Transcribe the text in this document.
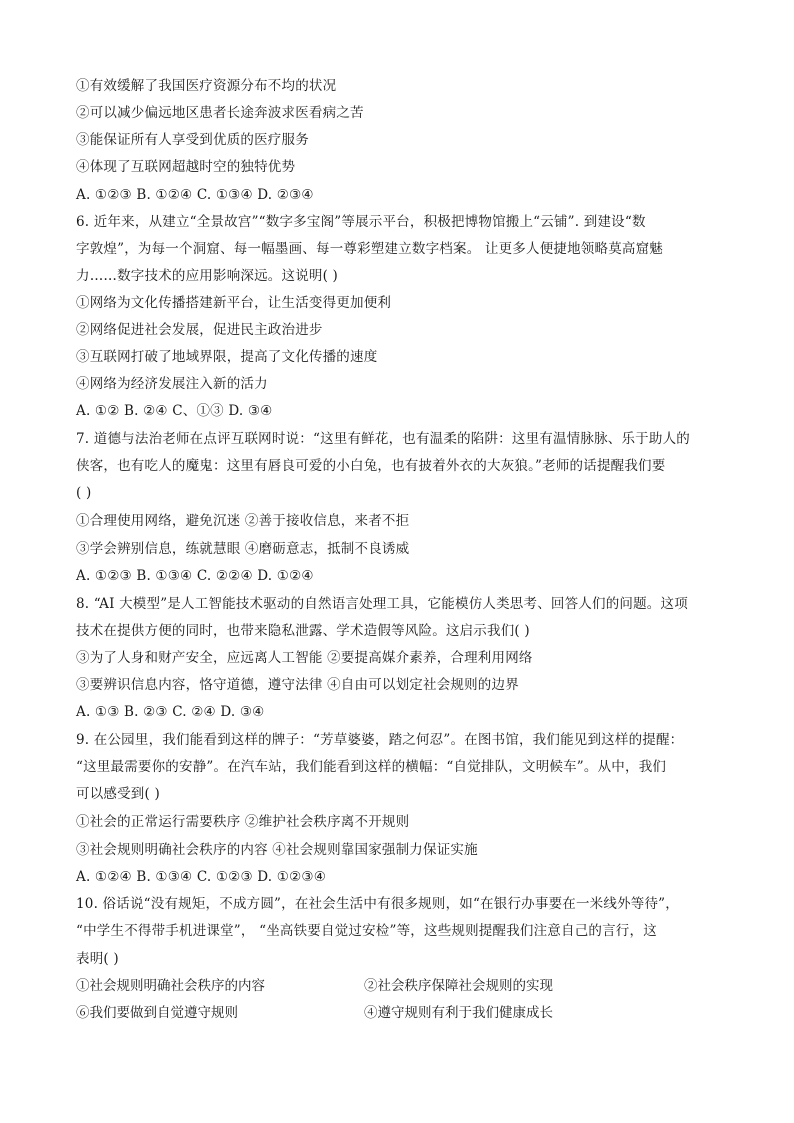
①有效缓解了我国医疗资源分布不均的状况
②可以减少偏远地区患者长途奔波求医看病之苦
③能保证所有人享受到优质的医疗服务
④体现了互联网超越时空的独特优势
A. ①②③ B. ①②④ C. ①③④ D. ②③④
6. 近年来，从建立“全景故宫”“数字多宝阁”等展示平台，积极把博物馆搬上“云铺”. 到建设“数
字敦煌”，为每一个洞窟、每一幅墨画、每一尊彩塑建立数字档案。 让更多人便捷地领略莫高窟魅
力……数字技术的应用影响深远。这说明( )
①网络为文化传播搭建新平台，让生活变得更加便利
②网络促进社会发展，促进民主政治进步
③互联网打破了地域界限，提高了文化传播的速度
④网络为经济发展注入新的活力
A. ①② B. ②④ C、①③ D. ③④
7. 道德与法治老师在点评互联网时说：“这里有鲜花，也有温柔的陷阱：这里有温情脉脉、乐于助人的
侠客，也有吃人的魔鬼：这里有唇良可爱的小白兔，也有披着外衣的大灰狼。”老师的话提醒我们要
( )
①合理使用网络，避免沉迷 ②善于接收信息，来者不拒
③学会辨别信息，练就慧眼 ④磨砺意志，抵制不良诱威
A. ①②③ B. ①③④ C. ②②④ D. ①②④
8. “AI 大模型”是人工智能技术驱动的自然语言处理工具，它能模仿人类思考、回答人们的问题。这项
技术在提供方便的同时，也带来隐私泄露、学术造假等风险。这启示我们( )
③为了人身和财产安全，应远离人工智能 ②要提高媒介素养，合理利用网络
③要辨识信息内容，恪守道德，遵守法律 ④自由可以划定社会规则的边界
A. ①③ B. ②③ C. ②④ D. ③④
9. 在公园里，我们能看到这样的牌子：“芳草婆婆，踏之何忍”。在图书馆，我们能见到这样的提醒：
“这里最需要你的安静”。在汽车站，我们能看到这样的横幅：“自觉排队，文明候车”。从中，我们
可以感受到( )
①社会的正常运行需要秩序 ②维护社会秩序离不开规则
③社会规则明确社会秩序的内容 ④社会规则靠国家强制力保证实施
A. ①②④ B. ①③④ C. ①②③ D. ①②③④
10. 俗话说“没有规矩，不成方圆”，在社会生活中有很多规则，如“在银行办事要在一米线外等待”，
“中学生不得带手机进课堂”， “坐高铁要自觉过安检”等，这些规则提醒我们注意自己的言行，这
表明( )
①社会规则明确社会秩序的内容	②社会秩序保障社会规则的实现
⑥我们要做到自觉遵守规则	④遵守规则有利于我们健康成长
